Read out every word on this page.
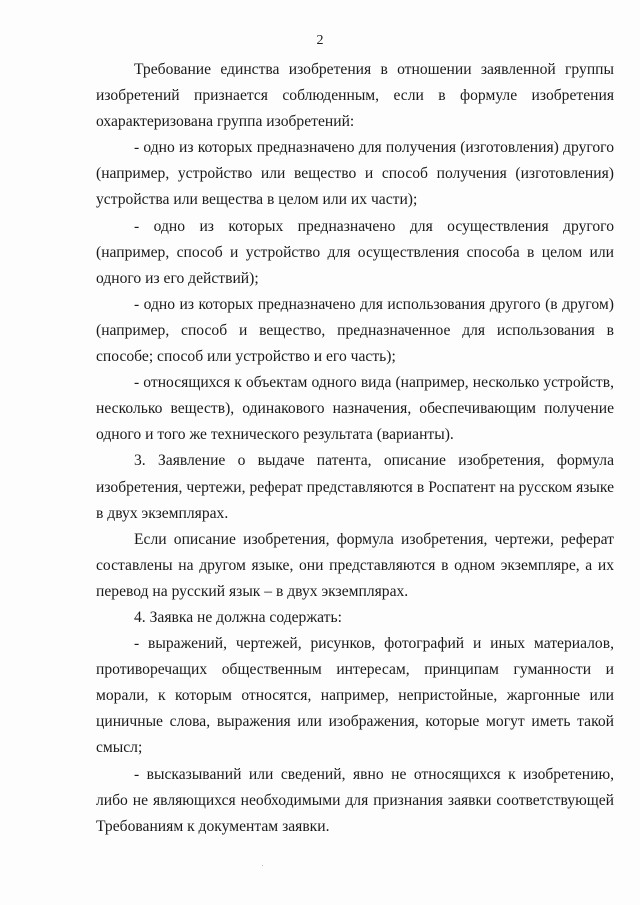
2

Требование единства изобретения в отношении заявленной группы изобретений признается соблюденным, если в формуле изобретения охарактеризована группа изобретений:

- одно из которых предназначено для получения (изготовления) другого (например, устройство или вещество и способ получения (изготовления) устройства или вещества в целом или их части);

- одно из которых предназначено для осуществления другого (например, способ и устройство для осуществления способа в целом или одного из его действий);

- одно из которых предназначено для использования другого (в другом) (например, способ и вещество, предназначенное для использования в способе; способ или устройство и его часть);

- относящихся к объектам одного вида (например, несколько устройств, несколько веществ), одинакового назначения, обеспечивающим получение одного и того же технического результата (варианты).

3. Заявление о выдаче патента, описание изобретения, формула изобретения, чертежи, реферат представляются в Роспатент на русском языке в двух экземплярах.

Если описание изобретения, формула изобретения, чертежи, реферат составлены на другом языке, они представляются в одном экземпляре, а их перевод на русский язык – в двух экземплярах.

4. Заявка не должна содержать:

- выражений, чертежей, рисунков, фотографий и иных материалов, противоречащих общественным интересам, принципам гуманности и морали, к которым относятся, например, непристойные, жаргонные или циничные слова, выражения или изображения, которые могут иметь такой смысл;

- высказываний или сведений, явно не относящихся к изобретению, либо не являющихся необходимыми для признания заявки соответствующей Требованиям к документам заявки.
